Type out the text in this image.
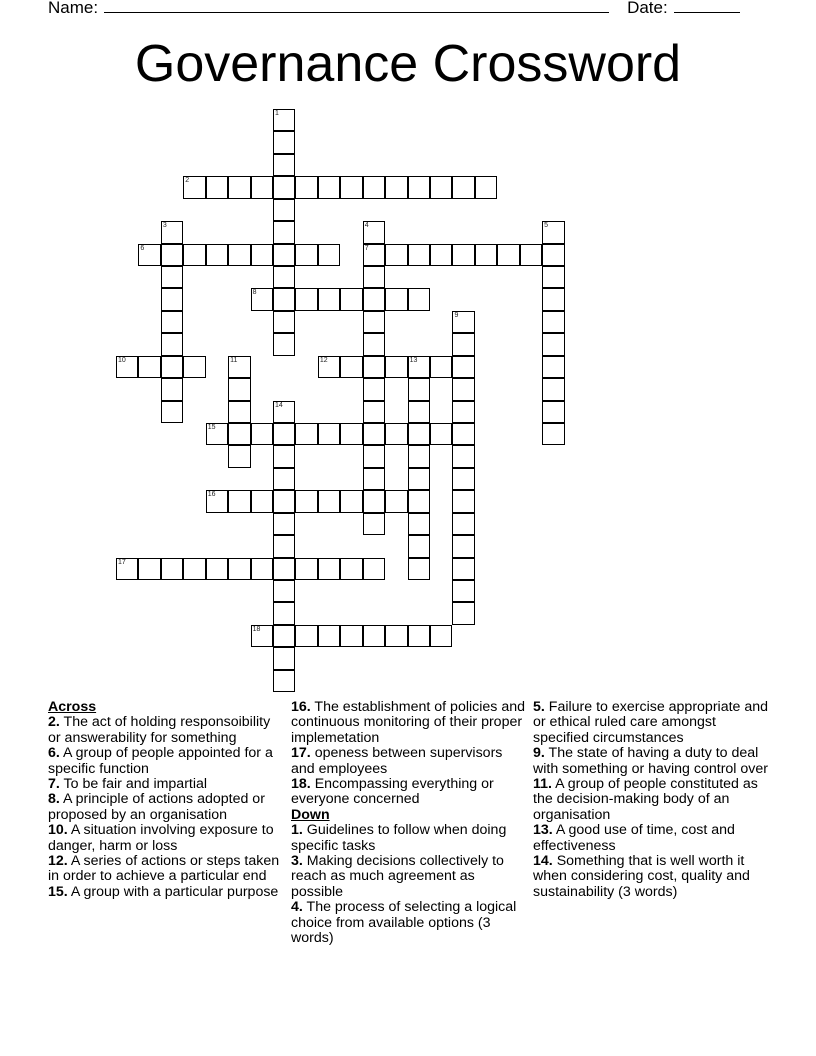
Name:	Date:
Governance Crossword
1
2
3	4
7
5
6
8
9
10	11	12	13
14
15
16
17
18

Across

2. The act of holding responsoibility or answerability for something

6. A group of people appointed for a specific function

7. To be fair and impartial

8. A principle of actions adopted or proposed by an organisation

10. A situation involving exposure to danger, harm or loss

12. A series of actions or steps taken in order to achieve a particular end

15. A group with a particular purpose

16. The establishment of policies and continuous monitoring of their proper implemetation

17. openess between supervisors and employees

18. Encompassing everything or everyone concerned

Down

1. Guidelines to follow when doing specific tasks

3. Making decisions collectively to reach as much agreement as possible

4. The process of selecting a logical choice from available options (3 words)

5. Failure to exercise appropriate and or ethical ruled care amongst specified circumstances

9. The state of having a duty to deal with something or having control over

11. A group of people constituted as the decision-making body of an organisation

13. A good use of time, cost and effectiveness

14. Something that is well worth it when considering cost, quality and sustainability (3 words)
